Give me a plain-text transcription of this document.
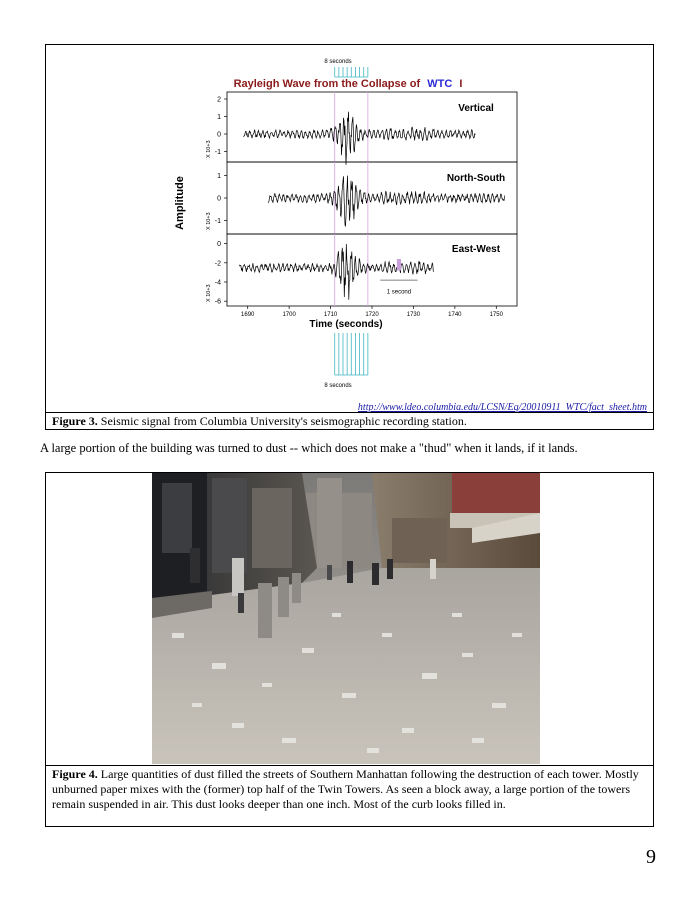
8 seconds
Rayleigh Wave from the Collapse of WTC I
Amplitude
2
1
0
-1
X 10+3
Vertical
1
0
-1
X 10+3
North-South
0
-2
-4
-6
X 10+3
East-West
1 second
1690	1700	1710	1720	1730	1740	1750
Time (seconds)
8 seconds
http://www.ldeo.columbia.edu/LCSN/Eq/20010911_WTC/fact_sheet.htm
Figure 3. Seismic signal from Columbia University's seismographic recording station.
A large portion of the building was turned to dust -- which does not make a "thud" when it lands, if it lands.
Figure 4. Large quantities of dust filled the streets of Southern Manhattan following the destruction of each tower. Mostly unburned paper mixes with the (former) top half of the Twin Towers. As seen a block away, a large portion of the towers remain suspended in air. This dust looks deeper than one inch. Most of the curb looks filled in.
9
